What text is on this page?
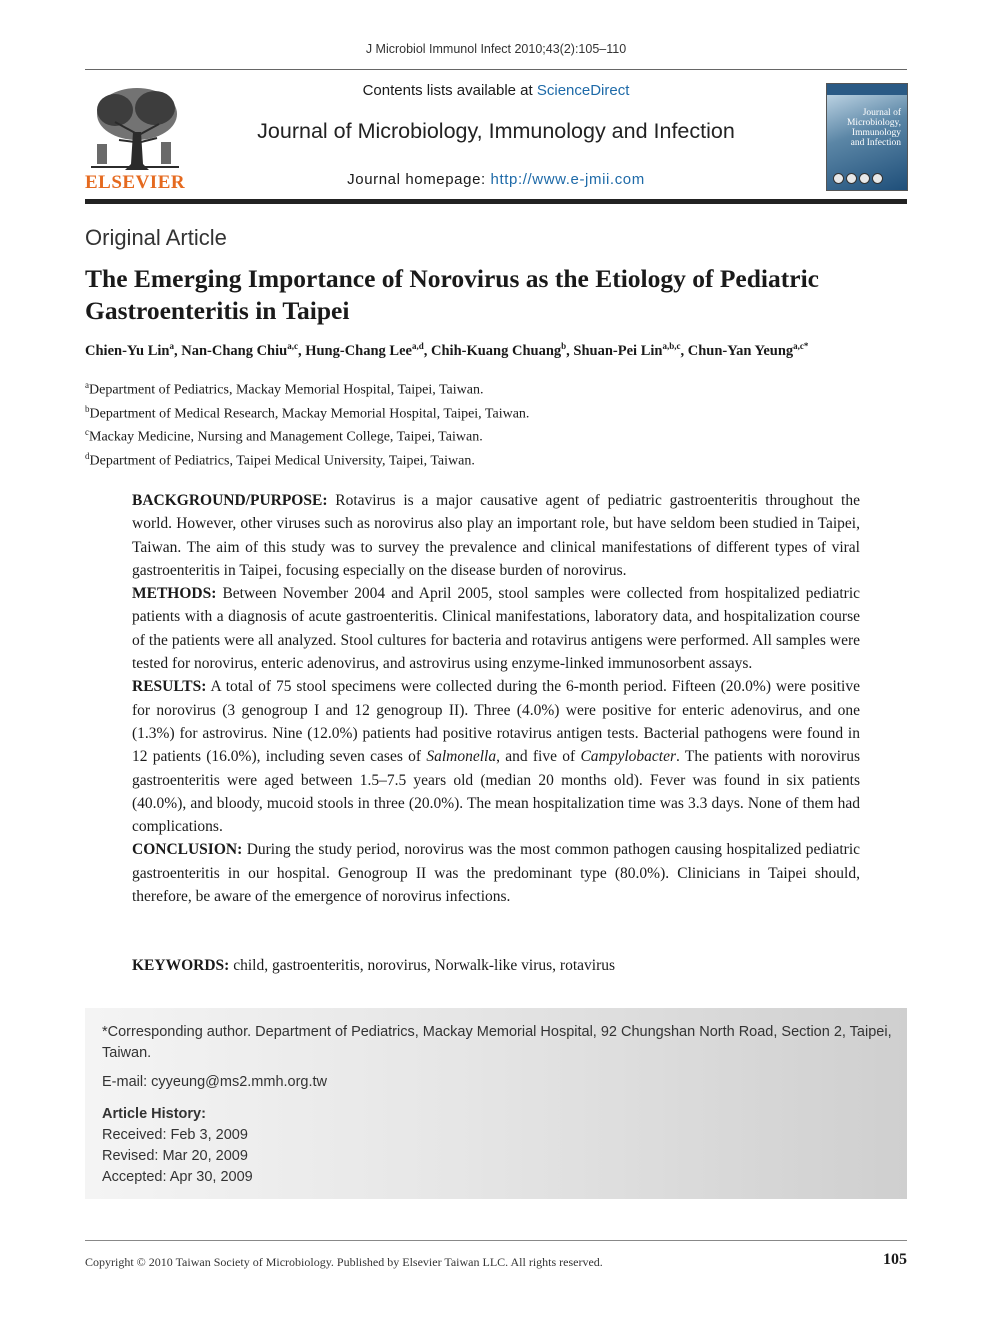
J Microbiol Immunol Infect 2010;43(2):105–110
ELSEVIER
Contents lists available at ScienceDirect
Journal of Microbiology, Immunology and Infection
Journal homepage: http://www.e-jmii.com
Journal of
Microbiology,
Immunology
and Infection
Original Article
The Emerging Importance of Norovirus as the Etiology of Pediatric Gastroenteritis in Taipei
Chien-Yu Lin$^a$, Nan-Chang Chiu$^{a,c}$, Hung-Chang Lee$^{a,d}$, Chih-Kuang Chuang$^b$, Shuan-Pei Lin$^{a,b,c}$, Chun-Yan Yeung$^{a,c*}$
$^a$Department of Pediatrics, Mackay Memorial Hospital, Taipei, Taiwan.
$^b$Department of Medical Research, Mackay Memorial Hospital, Taipei, Taiwan.
$^c$Mackay Medicine, Nursing and Management College, Taipei, Taiwan.
$^d$Department of Pediatrics, Taipei Medical University, Taipei, Taiwan.

BACKGROUND/PURPOSE: Rotavirus is a major causative agent of pediatric gastroenteritis throughout the world. However, other viruses such as norovirus also play an important role, but have seldom been studied in Taipei, Taiwan. The aim of this study was to survey the prevalence and clinical manifestations of different types of viral gastroenteritis in Taipei, focusing especially on the disease burden of norovirus.

METHODS: Between November 2004 and April 2005, stool samples were collected from hospitalized pediatric patients with a diagnosis of acute gastroenteritis. Clinical manifestations, laboratory data, and hospitalization course of the patients were all analyzed. Stool cultures for bacteria and rotavirus antigens were performed. All samples were tested for norovirus, enteric adenovirus, and astrovirus using enzyme-linked immunosorbent assays.

RESULTS: A total of 75 stool specimens were collected during the 6-month period. Fifteen (20.0%) were positive for norovirus (3 genogroup I and 12 genogroup II). Three (4.0%) were positive for enteric adenovirus, and one (1.3%) for astrovirus. Nine (12.0%) patients had positive rotavirus antigen tests. Bacterial pathogens were found in 12 patients (16.0%), including seven cases of Salmonella, and five of Campylobacter. The patients with norovirus gastroenteritis were aged between 1.5–7.5 years old (median 20 months old). Fever was found in six patients (40.0%), and bloody, mucoid stools in three (20.0%). The mean hospitalization time was 3.3 days. None of them had complications.

CONCLUSION: During the study period, norovirus was the most common pathogen causing hospitalized pediatric gastroenteritis in our hospital. Genogroup II was the predominant type (80.0%). Clinicians in Taipei should, therefore, be aware of the emergence of norovirus infections.

KEYWORDS: child, gastroenteritis, norovirus, Norwalk-like virus, rotavirus
*Corresponding author. Department of Pediatrics, Mackay Memorial Hospital, 92 Chungshan North Road, Section 2, Taipei, Taiwan.
E-mail: cyyeung@ms2.mmh.org.tw
Article History:
Received: Feb 3, 2009
Revised: Mar 20, 2009
Accepted: Apr 30, 2009
Copyright © 2010 Taiwan Society of Microbiology. Published by Elsevier Taiwan LLC. All rights reserved.	105
